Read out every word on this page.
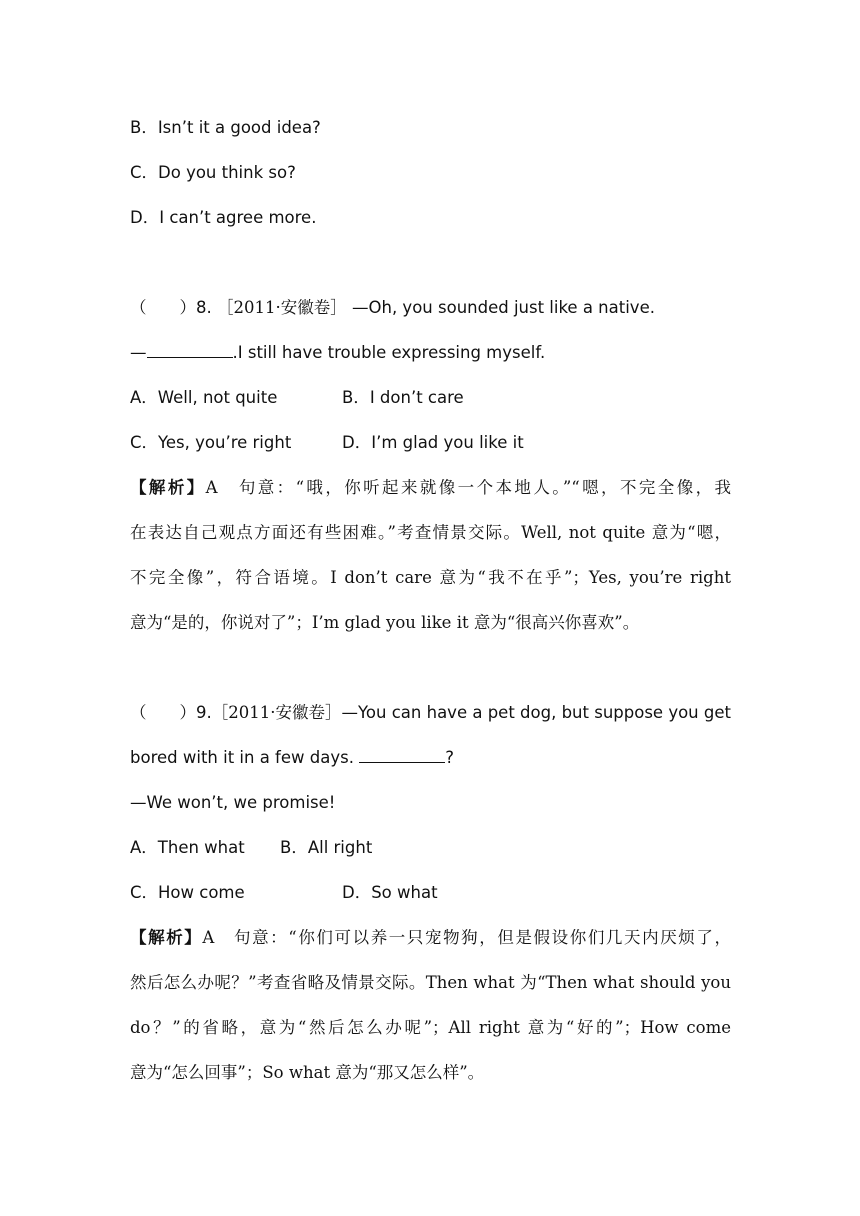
B．Isn’t it a good idea?
C．Do you think so?
D．I can’t agree more.
（　　）8. ［2011·安徽卷］ —Oh, you sounded just like a native.
—	.I still have trouble expressing myself.
A．Well, not quite	B．I don’t care
C．Yes, you’re right	D．I’m glad you like it
【解析】A　句意：“哦，你听起来就像一个本地人。”“嗯，不完全像，我
在表达自己观点方面还有些困难。”考查情景交际。Well, not quite 意为“嗯，
不完全像”，符合语境。I don’t care 意为“我不在乎”；Yes, you’re right
意为“是的，你说对了”；I’m glad you like it 意为“很高兴你喜欢”。
（　　）9.［2011·安徽卷］—You can have a pet dog, but suppose you get
bored with it in a few days.	?
—We won’t, we promise!
A．Then what B．All right
C．How come	D．So what
【解析】A　句意：“你们可以养一只宠物狗，但是假设你们几天内厌烦了，
然后怎么办呢？”考查省略及情景交际。Then what 为“Then what should you
do？”的省略，意为“然后怎么办呢”；All right 意为“好的”；How come
意为“怎么回事”；So what 意为“那又怎么样”。
